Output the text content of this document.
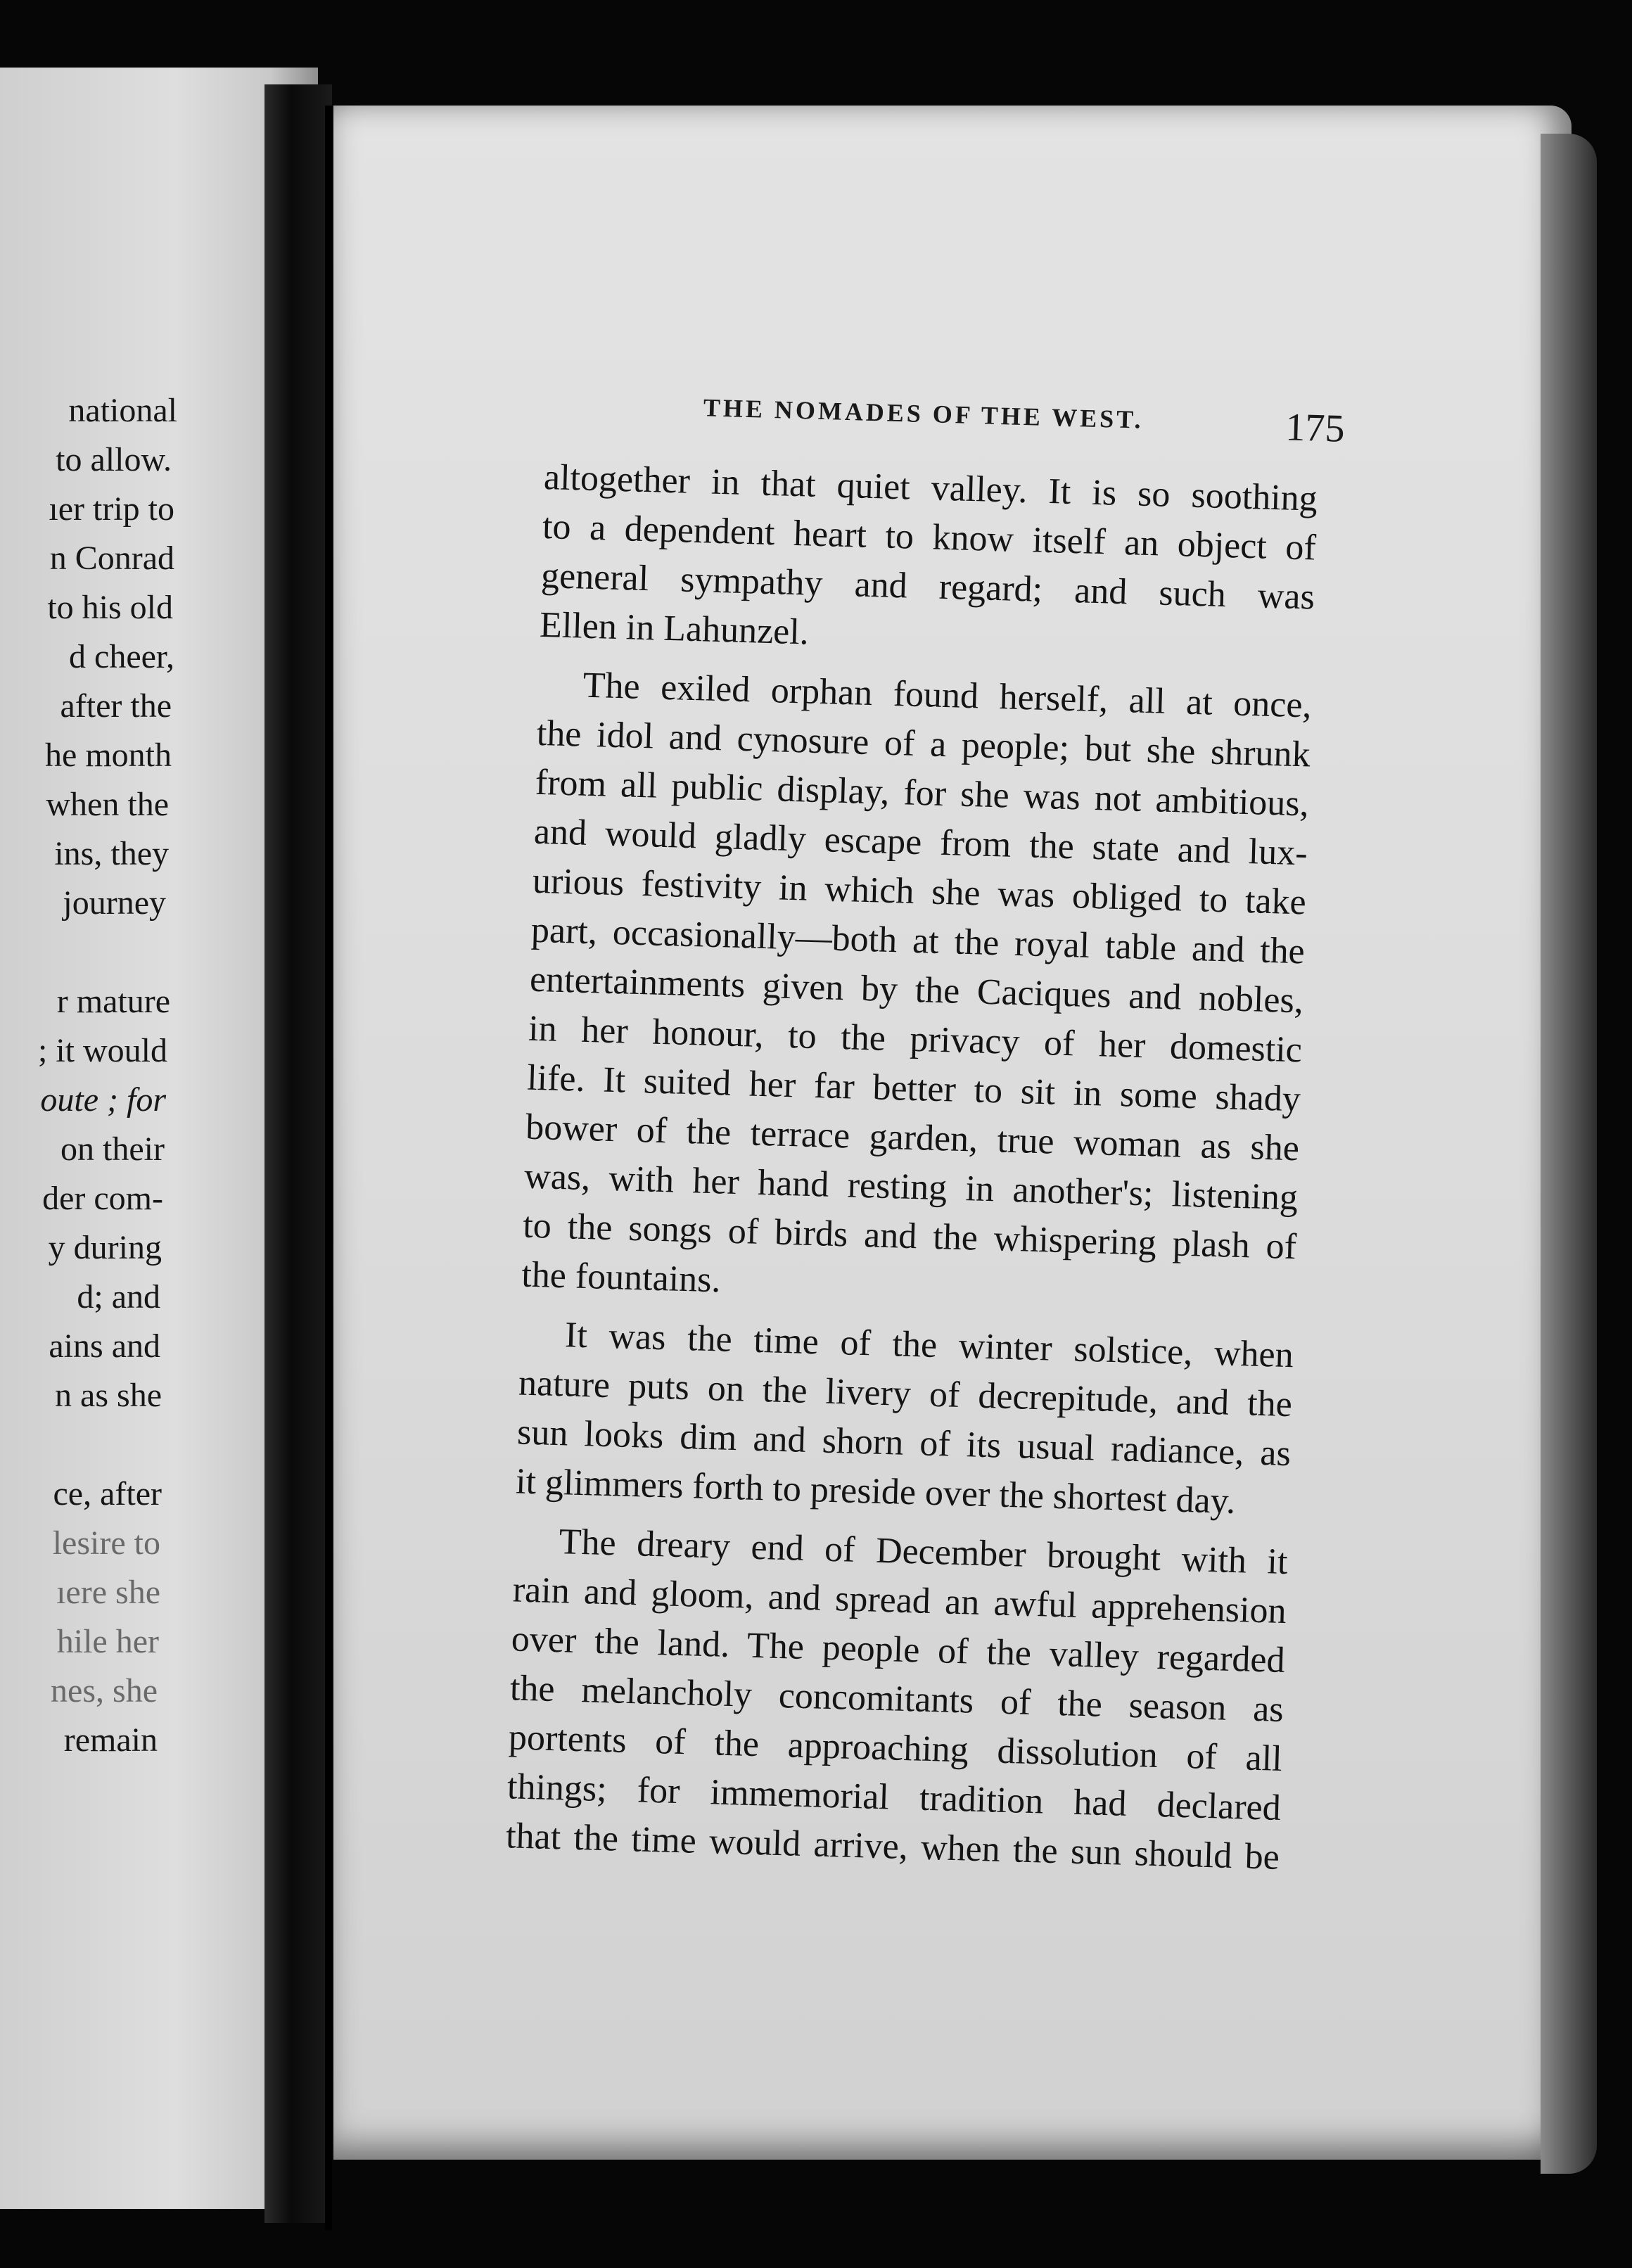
national
to allow.
ıer trip to
n Conrad
to his old
d cheer,
after the
he month
when the
ins, they
journey
r mature
; it would
oute ; for
on their
der com-
y during
d; and
ains and
n as she
ce, after
lesire to
ıere she
hile her
nes, she
remain
THE NOMADES OF THE WEST.	175
altogether in that quiet valley. It is so soothing
to a dependent heart to know itself an object of
general sympathy and regard; and such was
Ellen in Lahunzel.
The exiled orphan found herself, all at once,
the idol and cynosure of a people; but she shrunk
from all public display, for she was not ambitious,
and would gladly escape from the state and lux-
urious festivity in which she was obliged to take
part, occasionally—both at the royal table and the
entertainments given by the Caciques and nobles,
in her honour, to the privacy of her domestic
life. It suited her far better to sit in some shady
bower of the terrace garden, true woman as she
was, with her hand resting in another's; listening
to the songs of birds and the whispering plash of
the fountains.
It was the time of the winter solstice, when
nature puts on the livery of decrepitude, and the
sun looks dim and shorn of its usual radiance, as
it glimmers forth to preside over the shortest day.
The dreary end of December brought with it
rain and gloom, and spread an awful apprehension
over the land. The people of the valley regarded
the melancholy concomitants of the season as
portents of the approaching dissolution of all
things; for immemorial tradition had declared
that the time would arrive, when the sun should be
